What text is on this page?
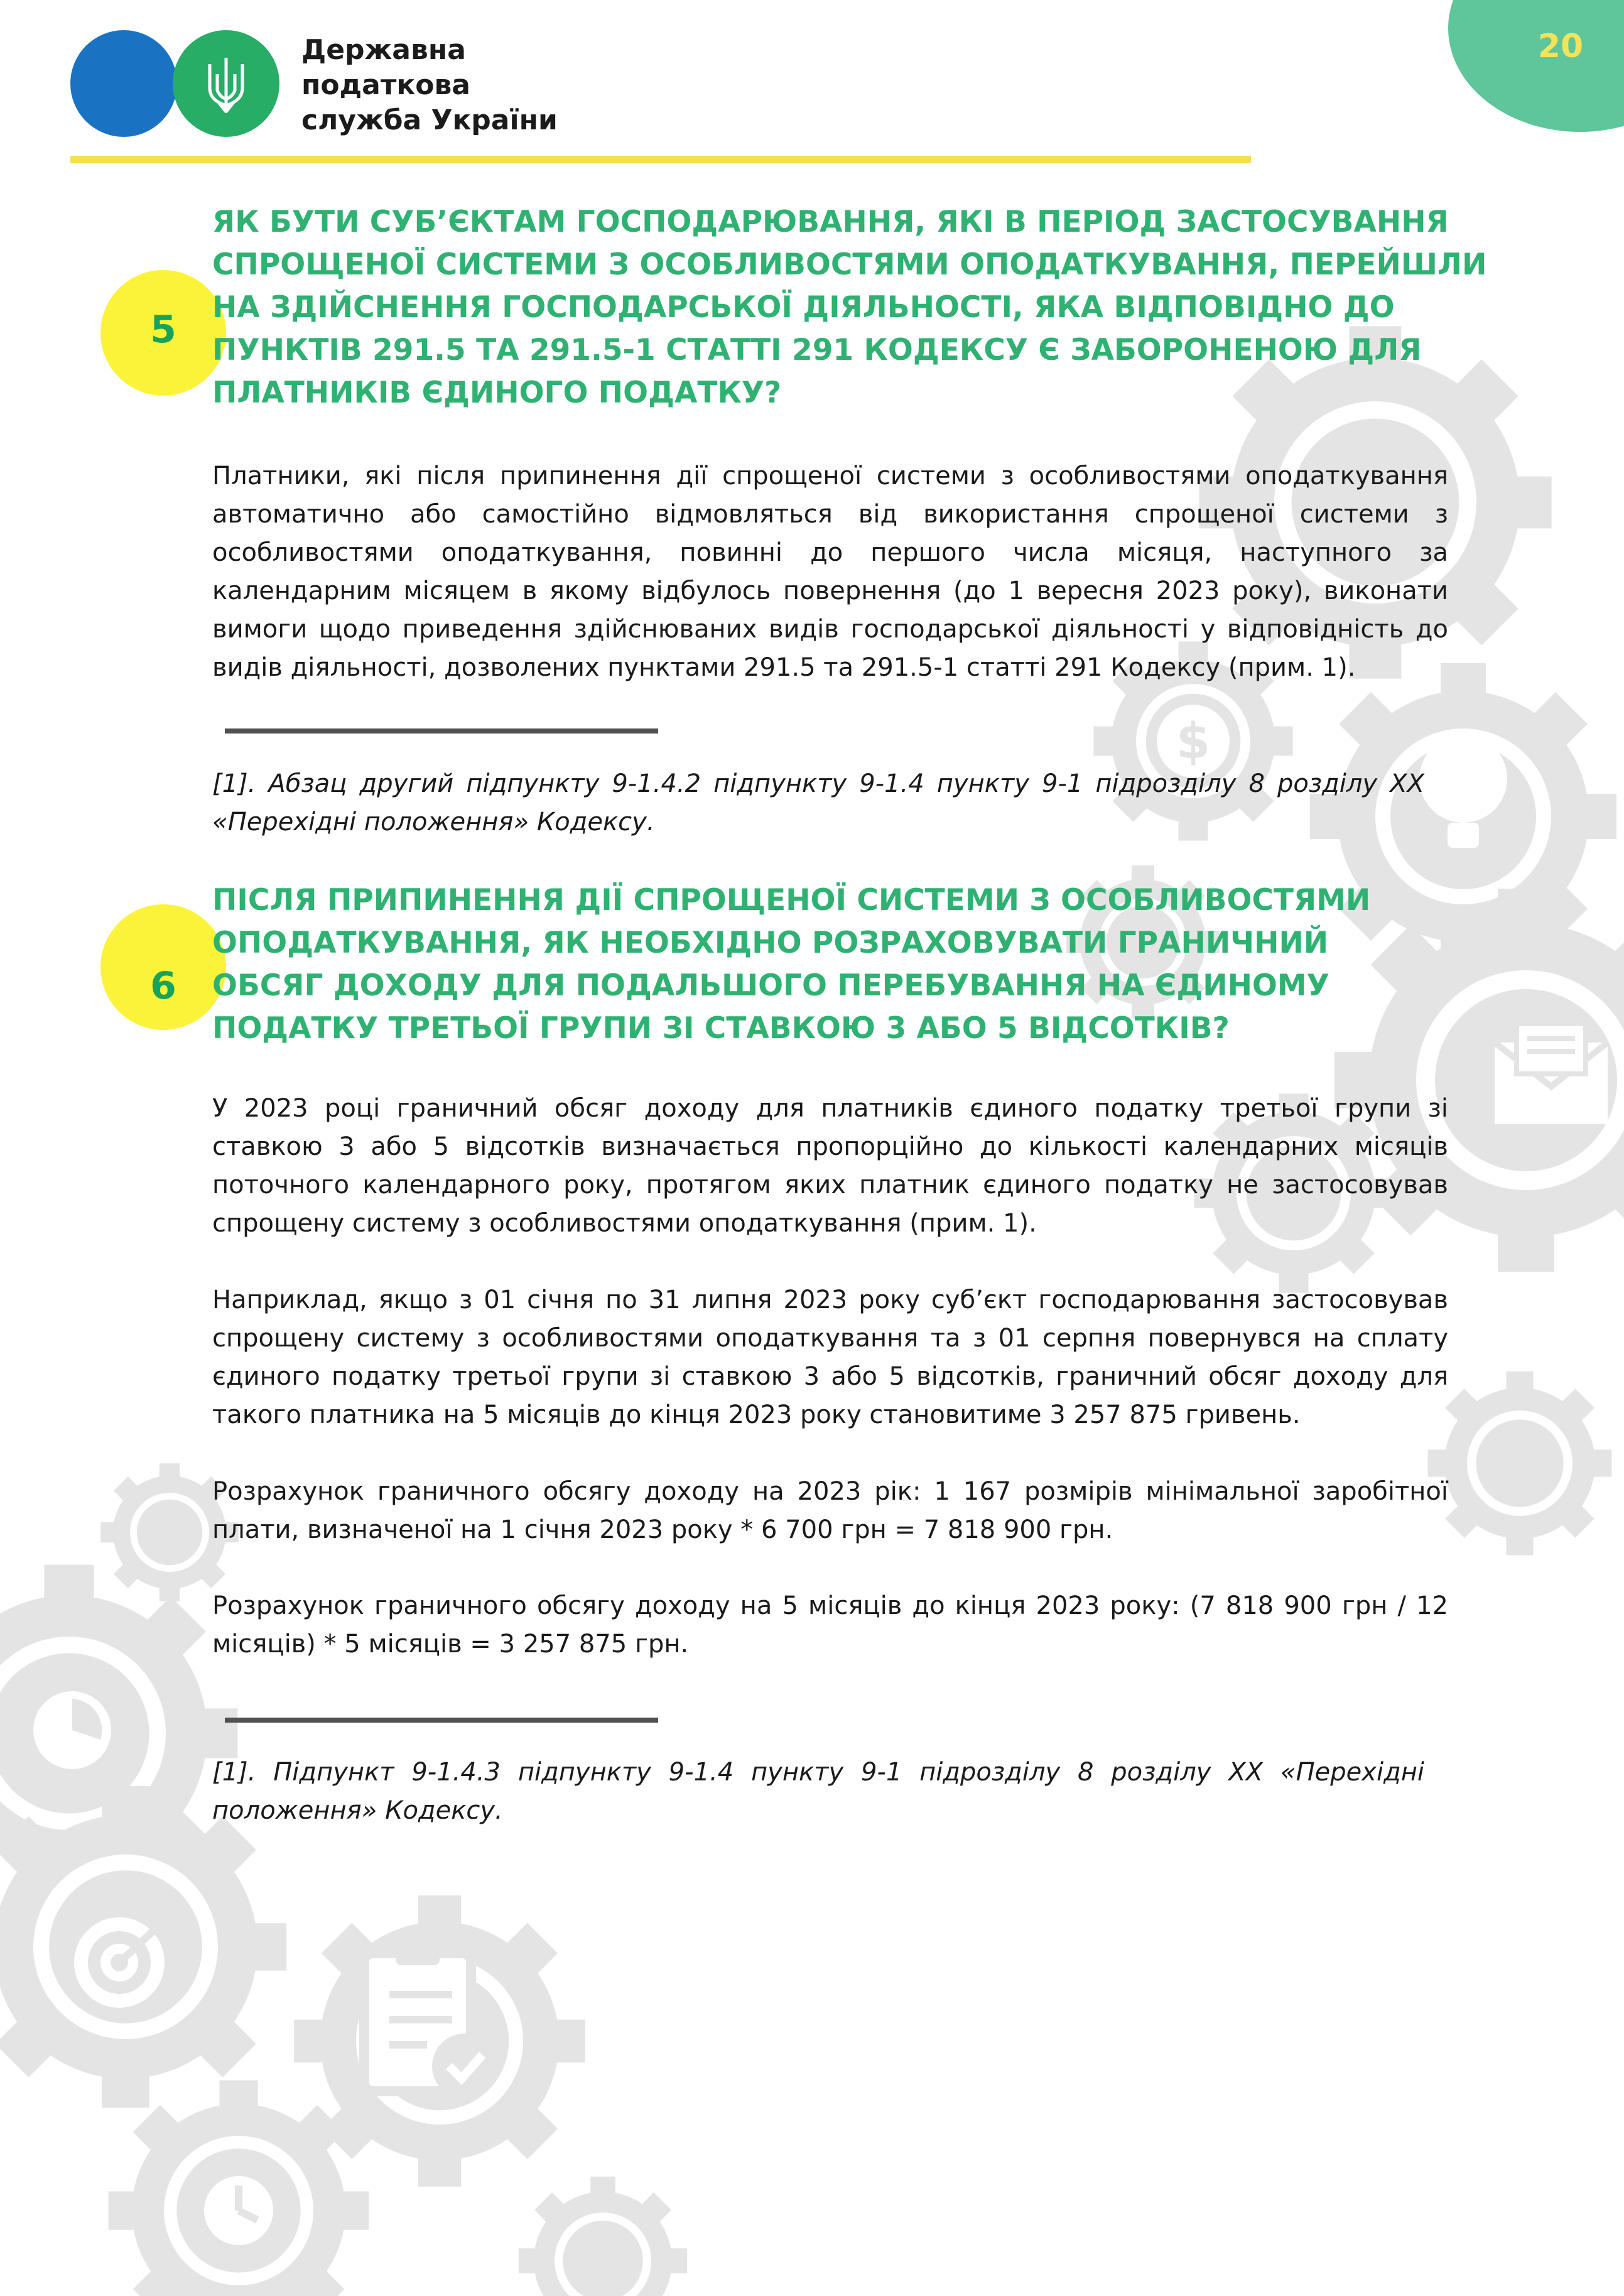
$
Державна
податкова
служба України
20
5
ЯК БУТИ СУБ’ЄКТАМ ГОСПОДАРЮВАННЯ, ЯКІ В ПЕРІОД ЗАСТОСУВАННЯ
СПРОЩЕНОЇ СИСТЕМИ З ОСОБЛИВОСТЯМИ ОПОДАТКУВАННЯ, ПЕРЕЙШЛИ
НА ЗДІЙСНЕННЯ ГОСПОДАРСЬКОЇ ДІЯЛЬНОСТІ, ЯКА ВІДПОВІДНО ДО
ПУНКТІВ 291.5 ТА 291.5-1 СТАТТІ 291 КОДЕКСУ Є ЗАБОРОНЕНОЮ ДЛЯ
ПЛАТНИКІВ ЄДИНОГО ПОДАТКУ?

Платники, які після припинення дії спрощеної системи з особливостями оподаткування автоматично або самостійно відмовляться від використання спрощеної системи з особливостями оподаткування, повинні до першого числа місяця, наступного за календарним місяцем в якому відбулось повернення (до 1 вересня 2023 року), виконати вимоги щодо приведення здійснюваних видів господарської діяльності у відповідність до видів діяльності, дозволених пунктами 291.5 та 291.5-1 статті 291 Кодексу (прим. 1).

[1]. Абзац другий підпункту 9-1.4.2 підпункту 9-1.4 пункту 9-1 підрозділу 8 розділу ХХ «Перехідні положення» Кодексу.

6
ПІСЛЯ ПРИПИНЕННЯ ДІЇ СПРОЩЕНОЇ СИСТЕМИ З ОСОБЛИВОСТЯМИ
ОПОДАТКУВАННЯ, ЯК НЕОБХІДНО РОЗРАХОВУВАТИ ГРАНИЧНИЙ
ОБСЯГ ДОХОДУ ДЛЯ ПОДАЛЬШОГО ПЕРЕБУВАННЯ НА ЄДИНОМУ
ПОДАТКУ ТРЕТЬОЇ ГРУПИ ЗІ СТАВКОЮ 3 АБО 5 ВІДСОТКІВ?

У 2023 році граничний обсяг доходу для платників єдиного податку третьої групи зі ставкою 3 або 5 відсотків визначається пропорційно до кількості календарних місяців поточного календарного року, протягом яких платник єдиного податку не застосовував спрощену систему з особливостями оподаткування (прим. 1).

Наприклад, якщо з 01 січня по 31 липня 2023 року суб’єкт господарювання застосовував спрощену систему з особливостями оподаткування та з 01 серпня повернувся на сплату єдиного податку третьої групи зі ставкою 3 або 5 відсотків, граничний обсяг доходу для такого платника на 5 місяців до кінця 2023 року становитиме 3 257 875 гривень.

Розрахунок граничного обсягу доходу на 2023 рік: 1 167 розмірів мінімальної заробітної плати, визначеної на 1 січня 2023 року * 6 700 грн = 7 818 900 грн.

Розрахунок граничного обсягу доходу на 5 місяців до кінця 2023 року: (7 818 900 грн / 12 місяців) * 5 місяців = 3 257 875 грн.

[1]. Підпункт 9-1.4.3 підпункту 9-1.4 пункту 9-1 підрозділу 8 розділу ХХ «Перехідні положення» Кодексу.
